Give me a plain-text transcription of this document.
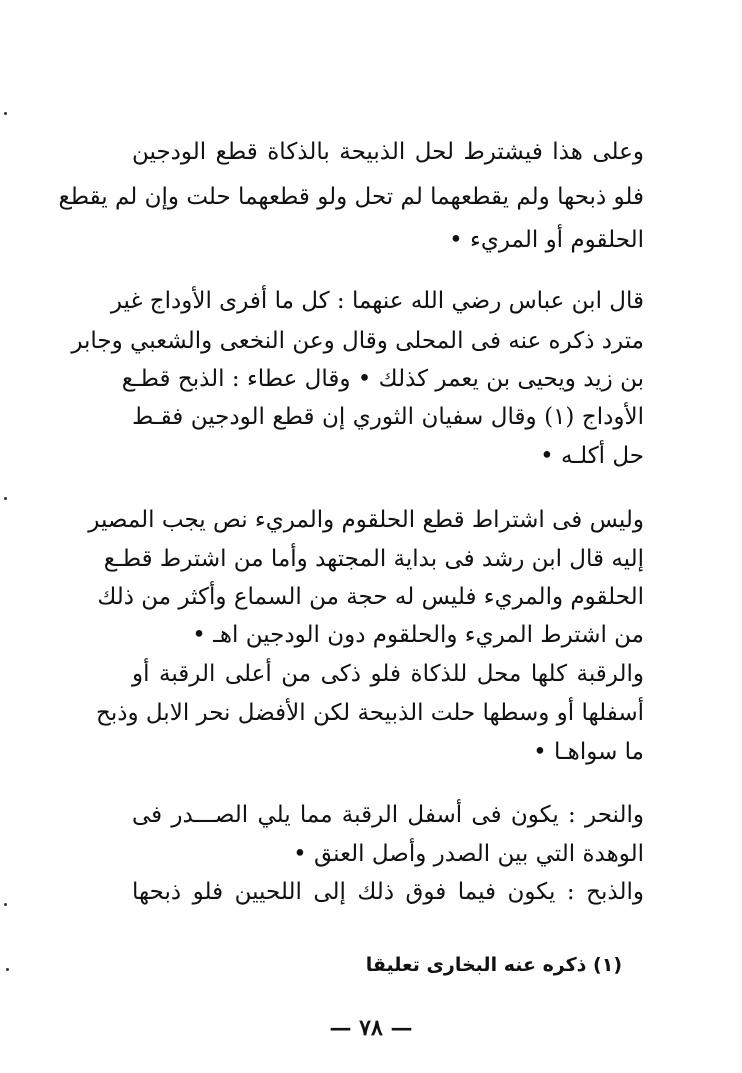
وعلى هذا فيشترط لحل الذبيحة بالذكاة قطع الودجين
فلو ذبحها ولم يقطعهما لم تحل ولو قطعهما حلت وإن لم يقطع
الحلقوم أو المريء •
قال ابن عباس رضي الله عنهما : كل ما أفرى الأوداج غير
مترد ذكره عنه فى المحلى وقال وعن النخعى والشعبي وجابر
بن زيد ويحيى بن يعمر كذلك • وقال عطاء : الذبح قطـع
الأوداج (١) وقال سفيان الثوري إن قطع الودجين فقـط
حل أكلـه •
وليس فى اشتراط قطع الحلقوم والمريء نص يجب المصير
إليه قال ابن رشد فى بداية المجتهد وأما من اشترط قطـع
الحلقوم والمريء فليس له حجة من السماع وأكثر من ذلك
من اشترط المريء والحلقوم دون الودجين اهـ •
والرقبة كلها محل للذكاة فلو ذكى من أعلى الرقبة أو
أسفلها أو وسطها حلت الذبيحة لكن الأفضل نحر الابل وذبح
ما سواهـا •
والنحر : يكون فى أسفل الرقبة مما يلي الصـــدر فى
الوهدة التي بين الصدر وأصل العنق •
والذبح : يكون فيما فوق ذلك إلى اللحيين فلو ذبحها
(١) ذكره عنه البخارى تعليقا
— ٧٨ —
